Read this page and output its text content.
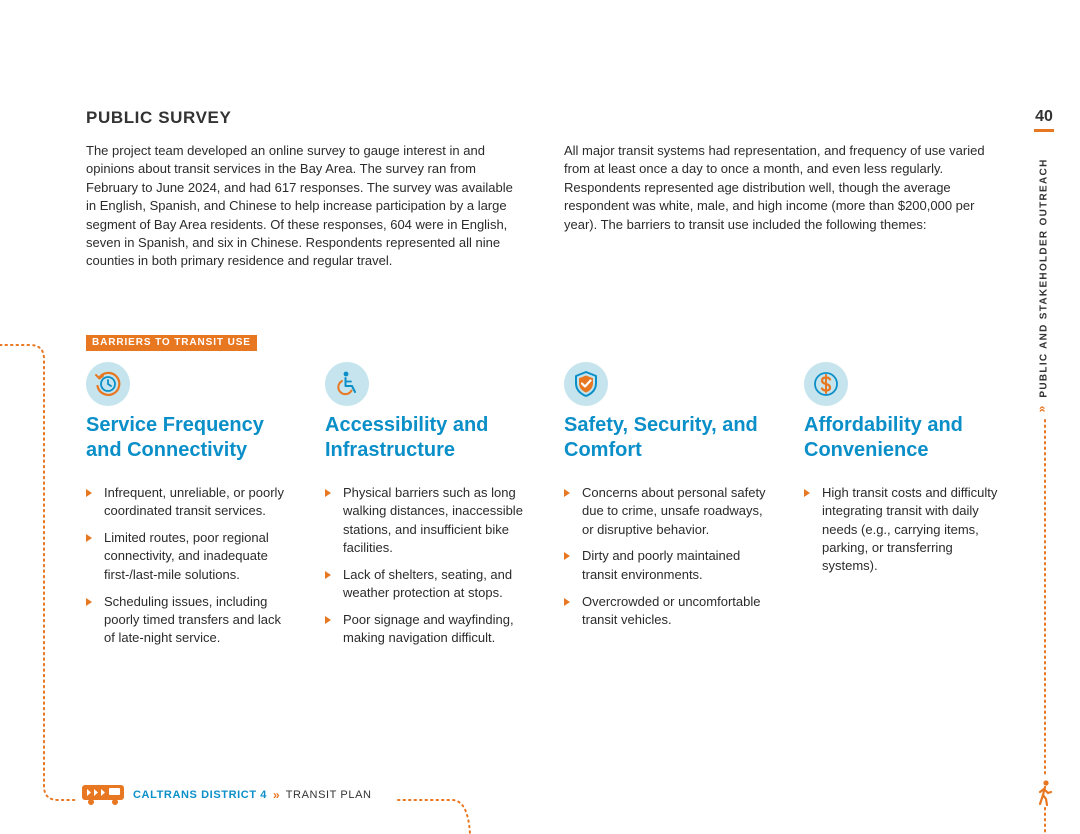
PUBLIC SURVEY

The project team developed an online survey to gauge interest in and opinions about transit services in the Bay Area. The survey ran from February to June 2024, and had 617 responses. The survey was available in English, Spanish, and Chinese to help increase participation by a large segment of Bay Area residents. Of these responses, 604 were in English, seven in Spanish, and six in Chinese. Respondents represented all nine counties in both primary residence and regular travel.

All major transit systems had representation, and frequency of use varied from at least once a day to once a month, and even less regularly. Respondents represented age distribution well, though the average respondent was white, male, and high income (more than $200,000 per year). The barriers to transit use included the following themes:

40
PUBLIC AND STAKEHOLDER OUTREACH
»
BARRIERS TO TRANSIT USE
Service Frequency and Connectivity
Infrequent, unreliable, or poorly coordinated transit services.
Limited routes, poor regional connectivity, and inadequate first-/last-mile solutions.
Scheduling issues, including poorly timed transfers and lack of late-night service.
Accessibility and Infrastructure
Physical barriers such as long walking distances, inaccessible stations, and insufficient bike facilities.
Lack of shelters, seating, and weather protection at stops.
Poor signage and wayfinding, making navigation difficult.
Safety, Security, and Comfort
Concerns about personal safety due to crime, unsafe roadways, or disruptive behavior.
Dirty and poorly maintained transit environments.
Overcrowded or uncomfortable transit vehicles.
Affordability and Convenience
High transit costs and difficulty integrating transit with daily needs (e.g., carrying items, parking, or transferring systems).
CALTRANS DISTRICT 4 » TRANSIT PLAN
